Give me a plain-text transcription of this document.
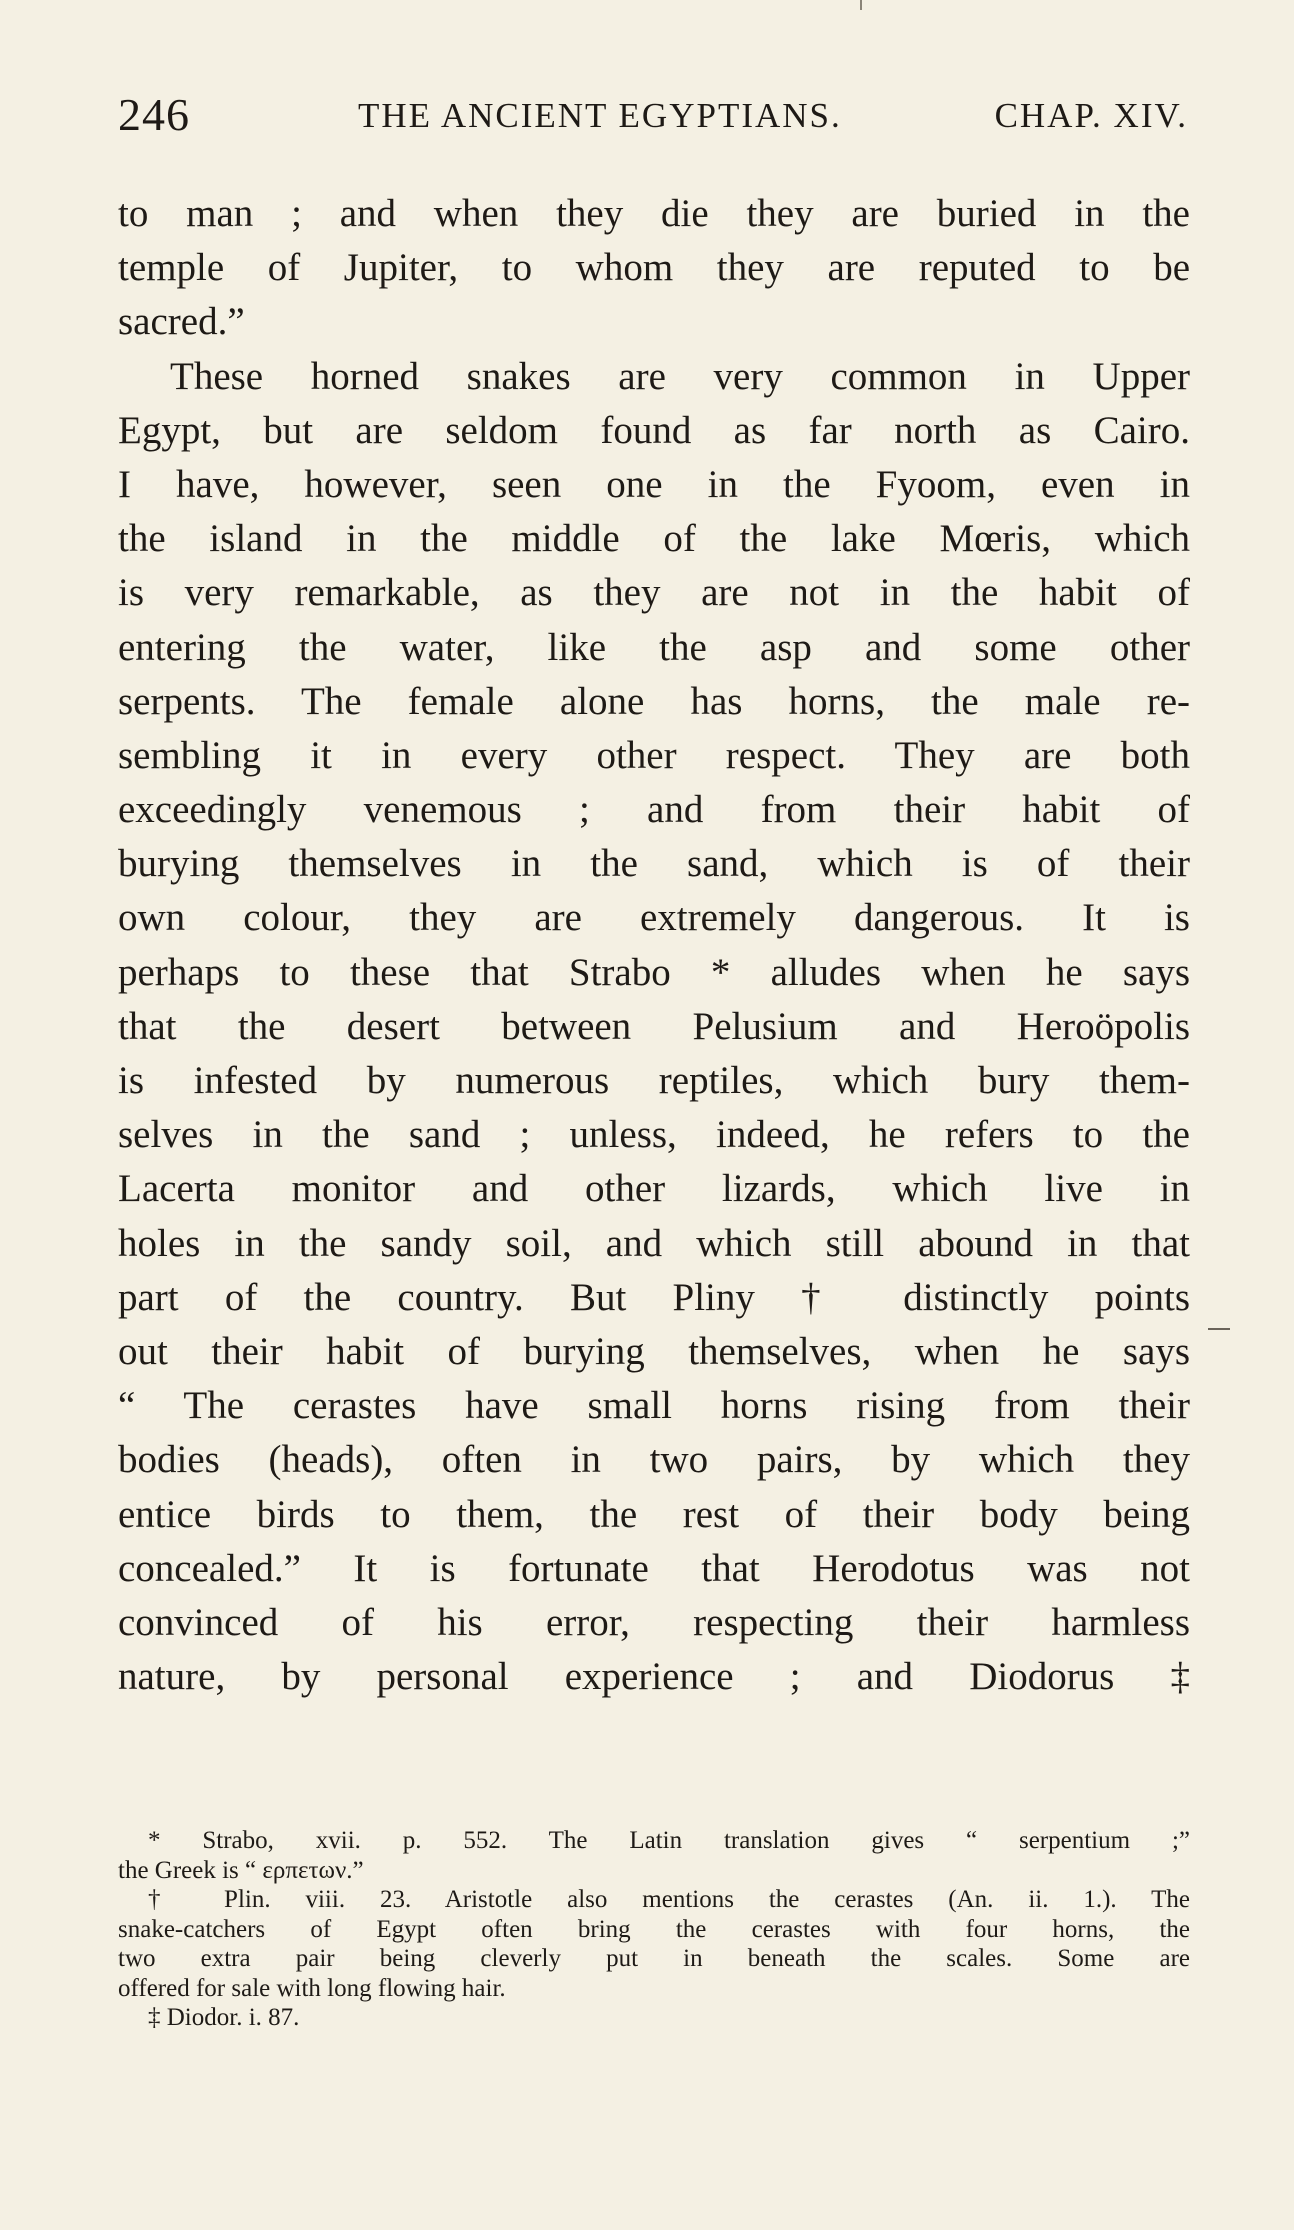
246	THE ANCIENT EGYPTIANS.	CHAP. XIV.
to man ; and when they die they are buried in the
temple of Jupiter, to whom they are reputed to be
sacred.”
These horned snakes are very common in Upper
Egypt, but are seldom found as far north as Cairo.
I have, however, seen one in the Fyoom, even in
the island in the middle of the lake Mœris, which
is very remarkable, as they are not in the habit of
entering the water, like the asp and some other
serpents. The female alone has horns, the male re-
sembling it in every other respect. They are both
exceedingly venemous ; and from their habit of
burying themselves in the sand, which is of their
own colour, they are extremely dangerous. It is
perhaps to these that Strabo * alludes when he says
that the desert between Pelusium and Heroöpolis
is infested by numerous reptiles, which bury them-
selves in the sand ; unless, indeed, he refers to the
Lacerta monitor and other lizards, which live in
holes in the sandy soil, and which still abound in that
part of the country. But Pliny † distinctly points
out their habit of burying themselves, when he says
“ The cerastes have small horns rising from their
bodies (heads), often in two pairs, by which they
entice birds to them, the rest of their body being
concealed.” It is fortunate that Herodotus was not
convinced of his error, respecting their harmless
nature, by personal experience ; and Diodorus ‡
* Strabo, xvii. p. 552. The Latin translation gives “ serpentium ;”
the Greek is “ ερπετων.”
† Plin. viii. 23. Aristotle also mentions the cerastes (An. ii. 1.). The
snake-catchers of Egypt often bring the cerastes with four horns, the
two extra pair being cleverly put in beneath the scales. Some are
offered for sale with long flowing hair.
‡ Diodor. i. 87.
